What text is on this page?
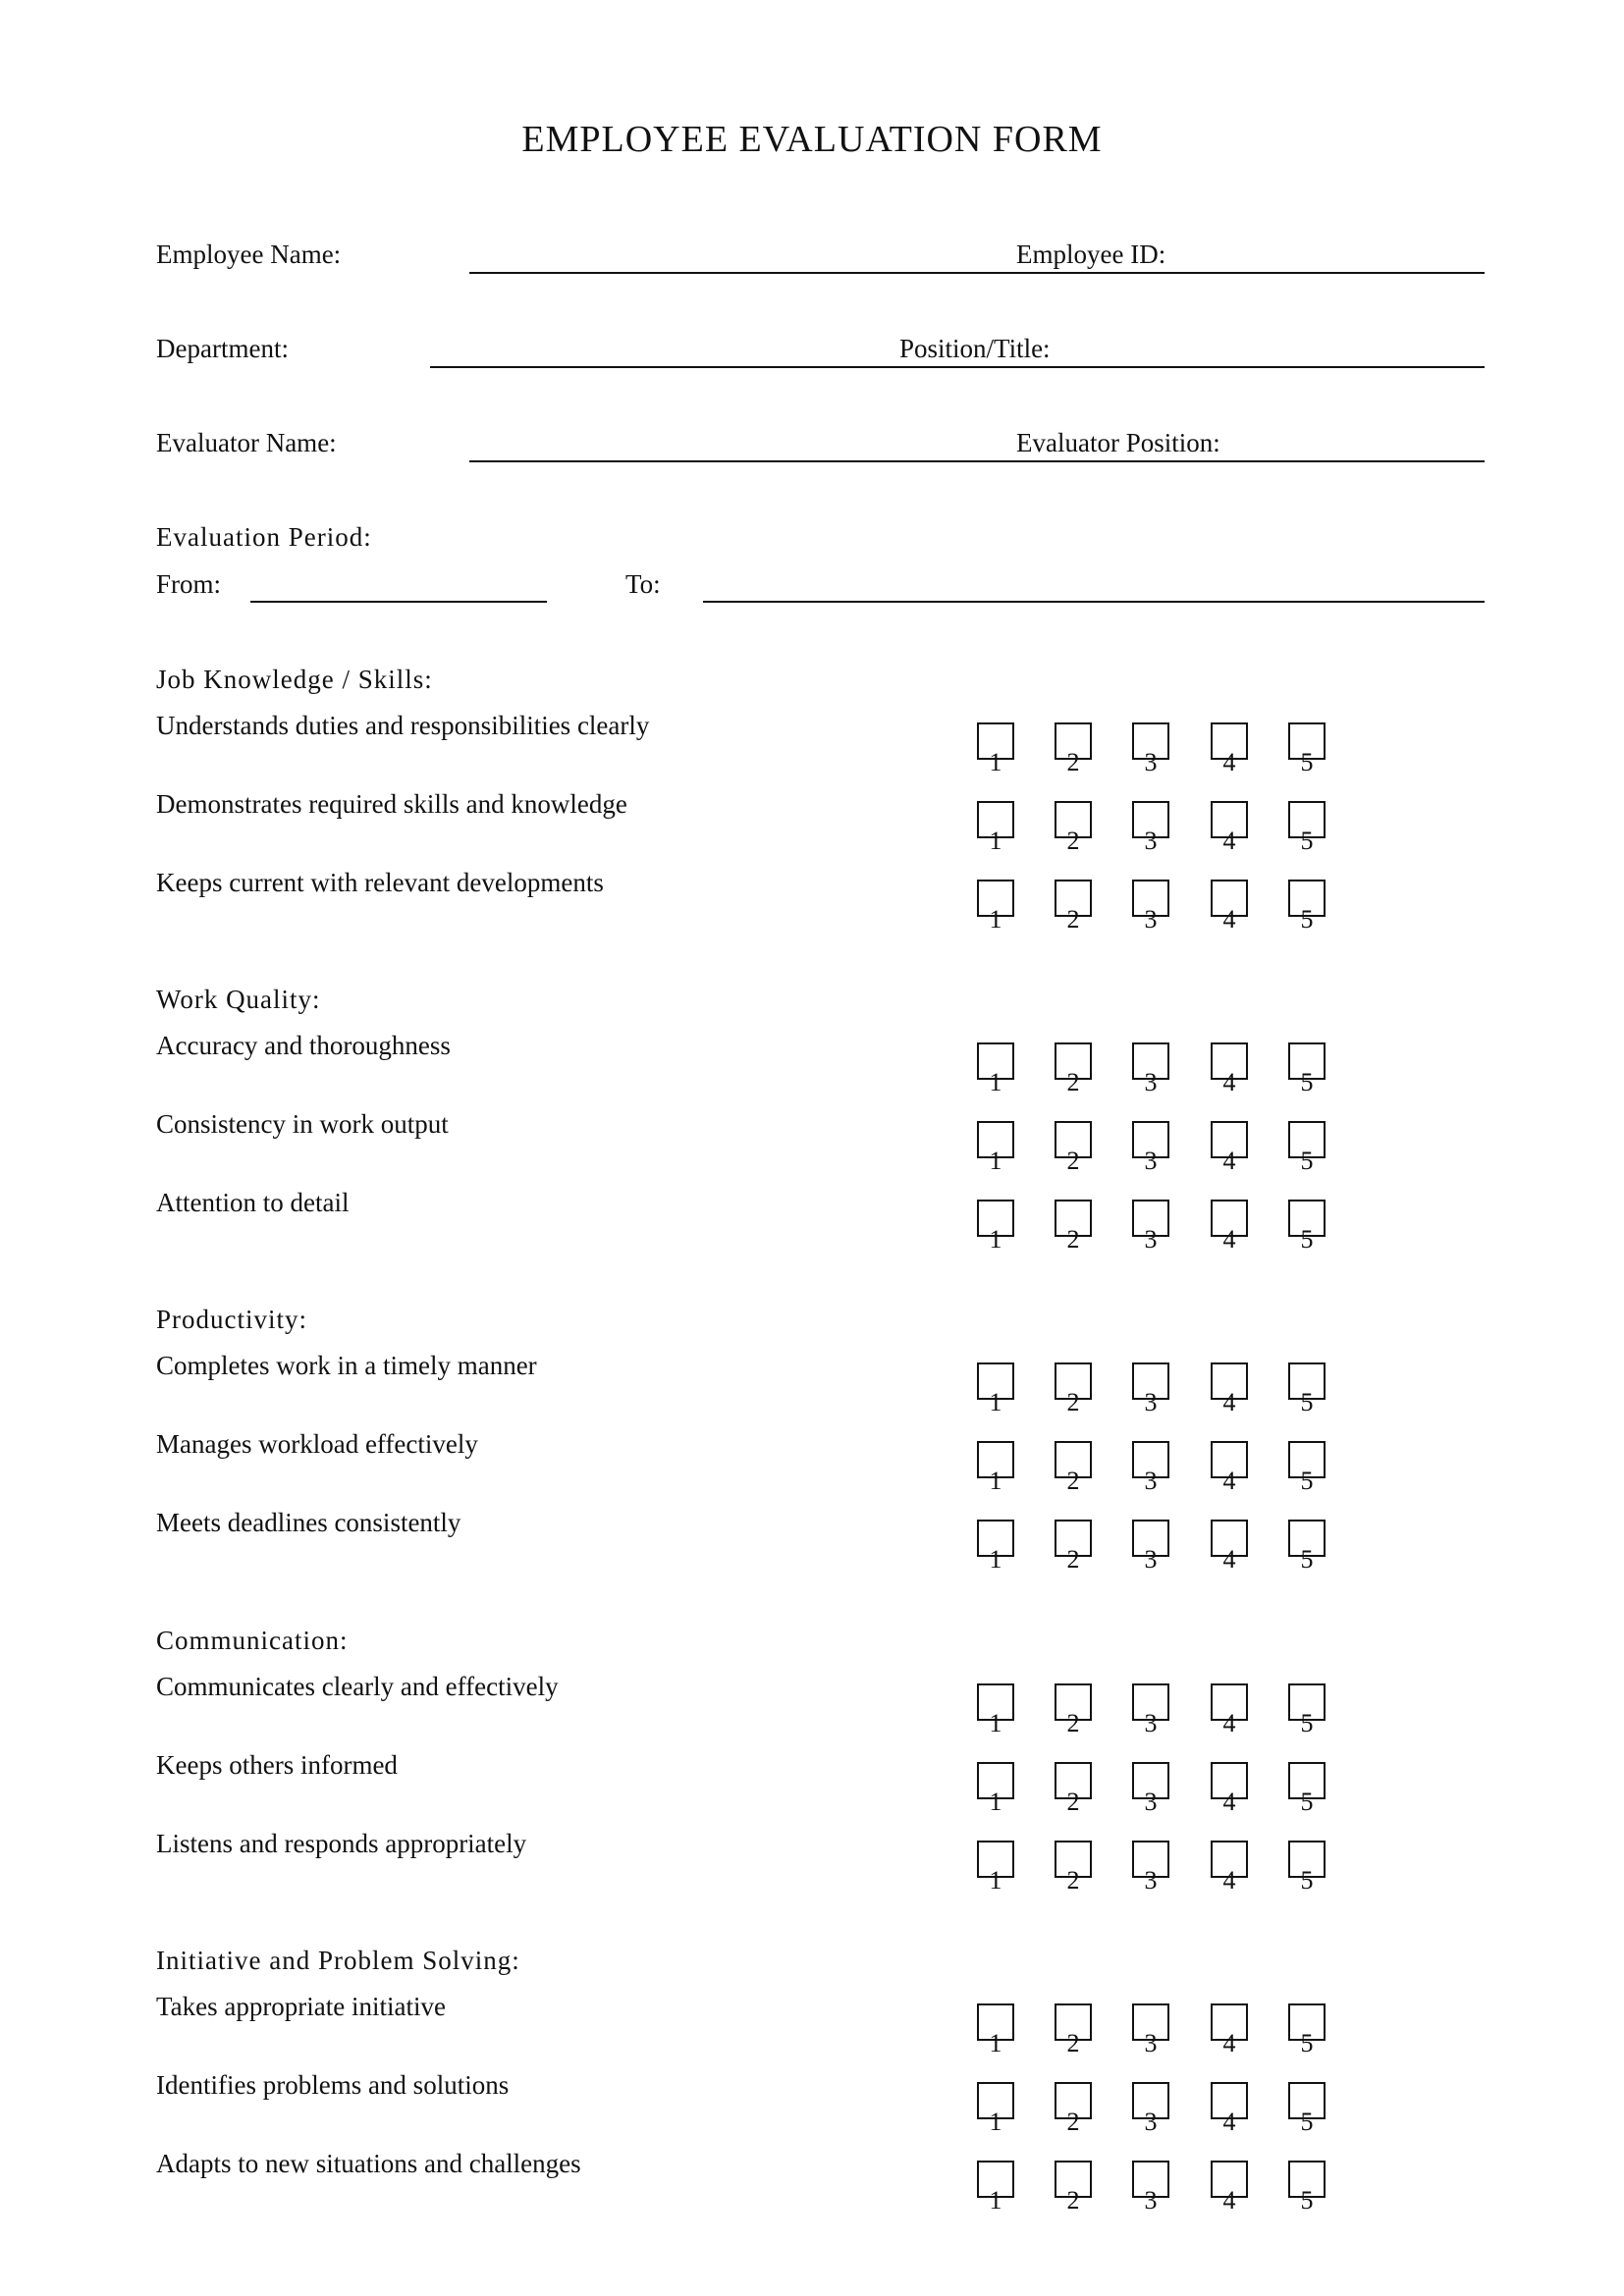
EMPLOYEE EVALUATION FORM
Employee Name:	Employee ID:
Department:	Position/Title:
Evaluator Name:	Evaluator Position:
Evaluation Period:
From:	To:
Job Knowledge / Skills:
Understands duties and responsibilities clearly
1	2	3	4	5
Demonstrates required skills and knowledge
1	2	3	4	5
Keeps current with relevant developments
1	2	3	4	5
Work Quality:
Accuracy and thoroughness
1	2	3	4	5
Consistency in work output
1	2	3	4	5
Attention to detail
1	2	3	4	5
Productivity:
Completes work in a timely manner
1	2	3	4	5
Manages workload effectively
1	2	3	4	5
Meets deadlines consistently
1	2	3	4	5
Communication:
Communicates clearly and effectively
1	2	3	4	5
Keeps others informed
1	2	3	4	5
Listens and responds appropriately
1	2	3	4	5
Initiative and Problem Solving:
Takes appropriate initiative
1	2	3	4	5
Identifies problems and solutions
1	2	3	4	5
Adapts to new situations and challenges
1	2	3	4	5
